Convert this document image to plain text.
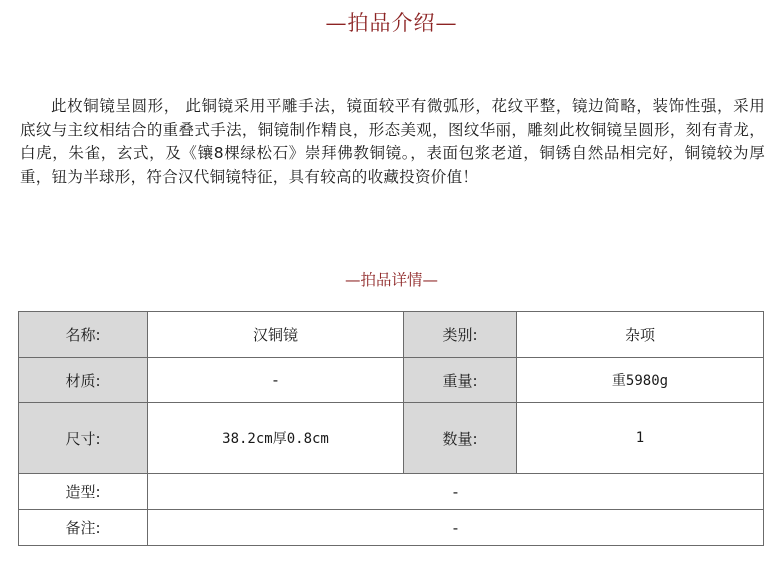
—拍品介绍—

此枚铜镜呈圆形， 此铜镜采用平雕手法，镜面较平有微弧形，花纹平整，镜边简略，装饰性强，采用底纹与主纹相结合的重叠式手法，铜镜制作精良，形态美观，图纹华丽，雕刻此枚铜镜呈圆形，刻有青龙，白虎，朱雀，玄式，及《镶8棵绿松石》崇拜佛教铜镜。，表面包浆老道，铜锈自然品相完好，铜镜较为厚重，钮为半球形，符合汉代铜镜特征，具有较高的收藏投资价值！

—拍品详情—
名称:	汉铜镜	类别:	杂项
材质:	-	重量:	重5980g
尺寸:	38.2cm厚0.8cm	数量:	1
造型:	-		
备注:	-		
